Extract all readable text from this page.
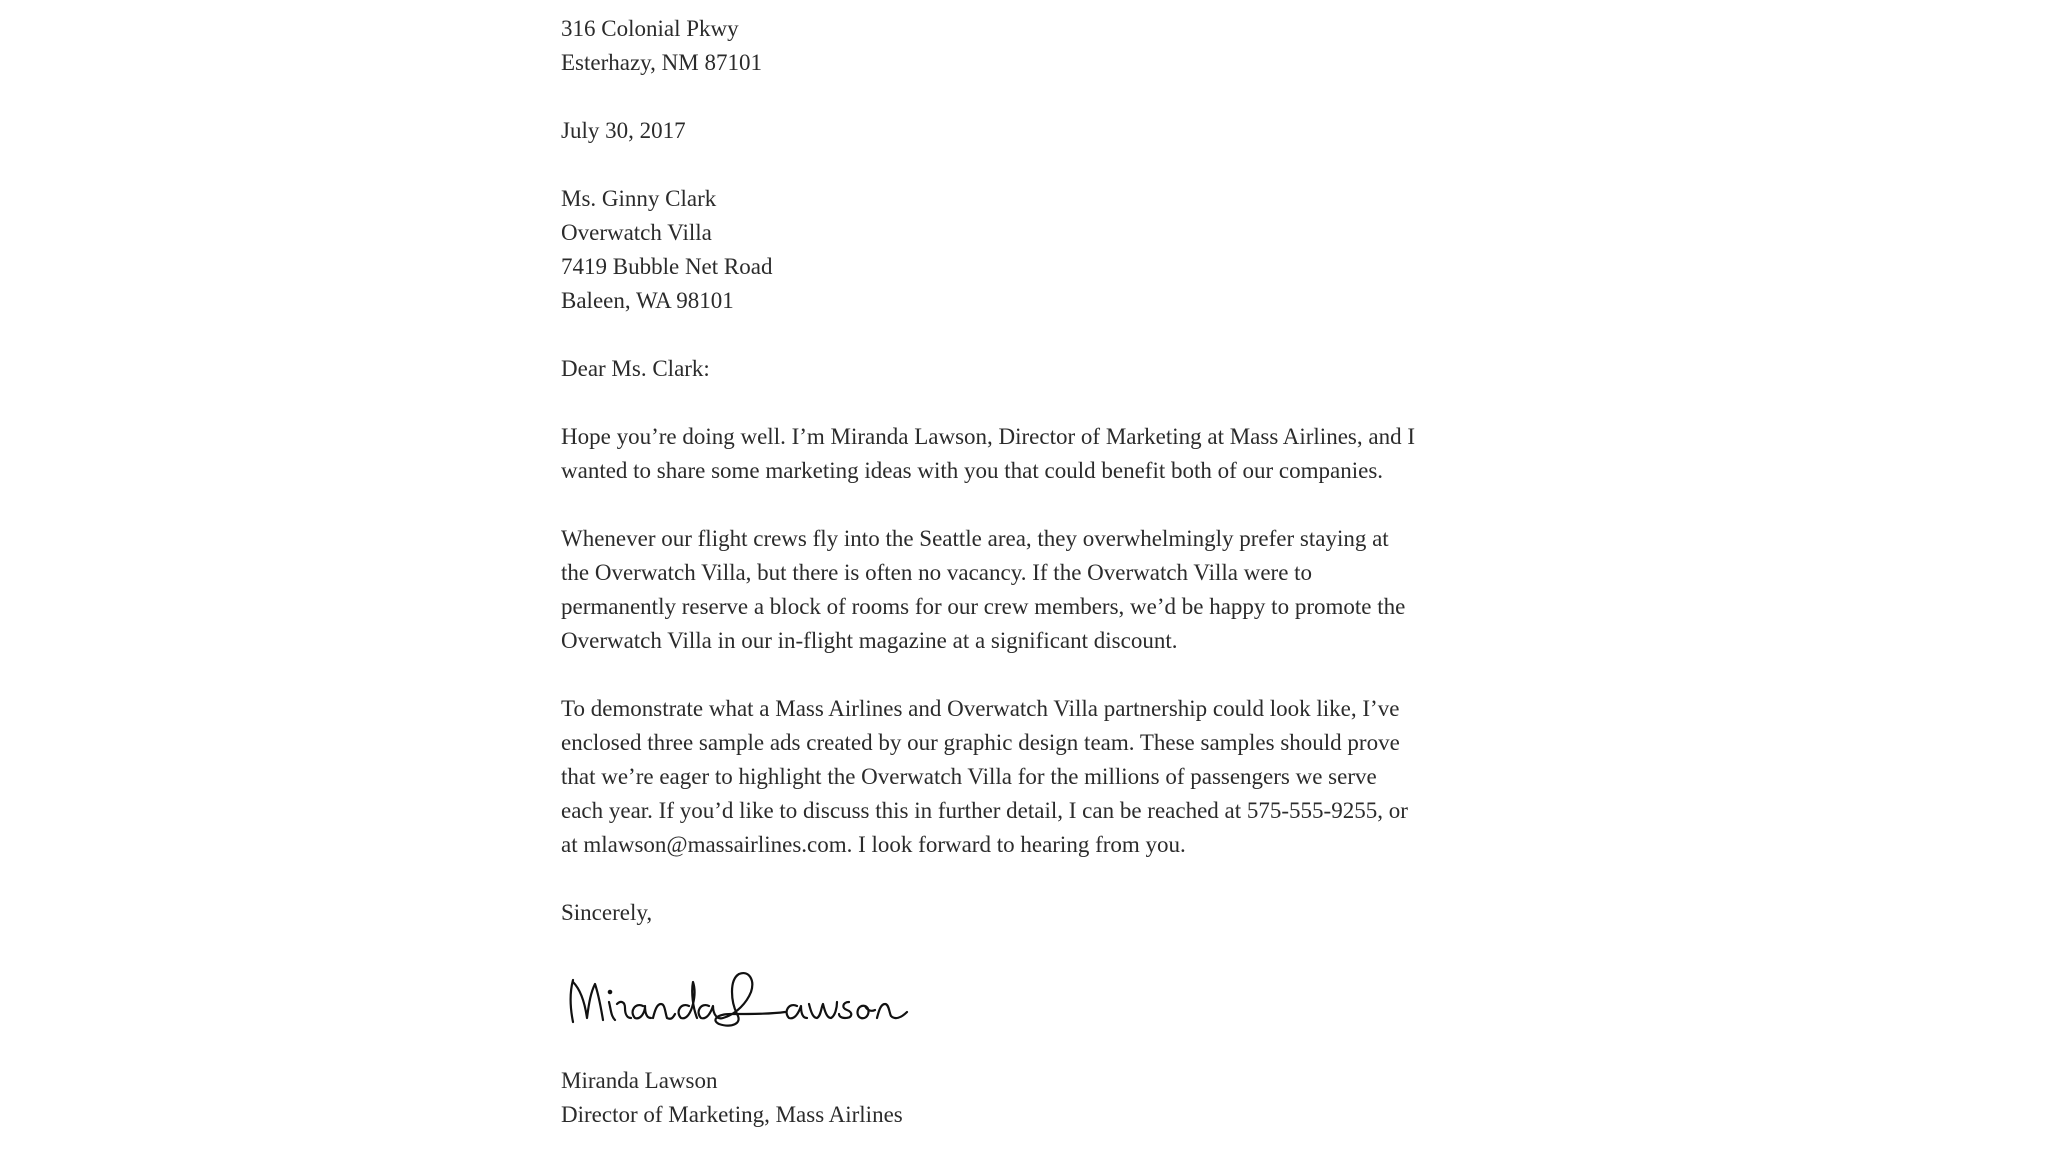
316 Colonial Pkwy
Esterhazy, NM 87101
July 30, 2017
Ms. Ginny Clark
Overwatch Villa
7419 Bubble Net Road
Baleen, WA 98101
Dear Ms. Clark:
Hope you’re doing well. I’m Miranda Lawson, Director of Marketing at Mass Airlines, and I
wanted to share some marketing ideas with you that could benefit both of our companies.
Whenever our flight crews fly into the Seattle area, they overwhelmingly prefer staying at
the Overwatch Villa, but there is often no vacancy. If the Overwatch Villa were to
permanently reserve a block of rooms for our crew members, we’d be happy to promote the
Overwatch Villa in our in-flight magazine at a significant discount.
To demonstrate what a Mass Airlines and Overwatch Villa partnership could look like, I’ve
enclosed three sample ads created by our graphic design team. These samples should prove
that we’re eager to highlight the Overwatch Villa for the millions of passengers we serve
each year. If you’d like to discuss this in further detail, I can be reached at 575-555-9255, or
at mlawson@massairlines.com. I look forward to hearing from you.
Sincerely,
Miranda Lawson
Director of Marketing, Mass Airlines
